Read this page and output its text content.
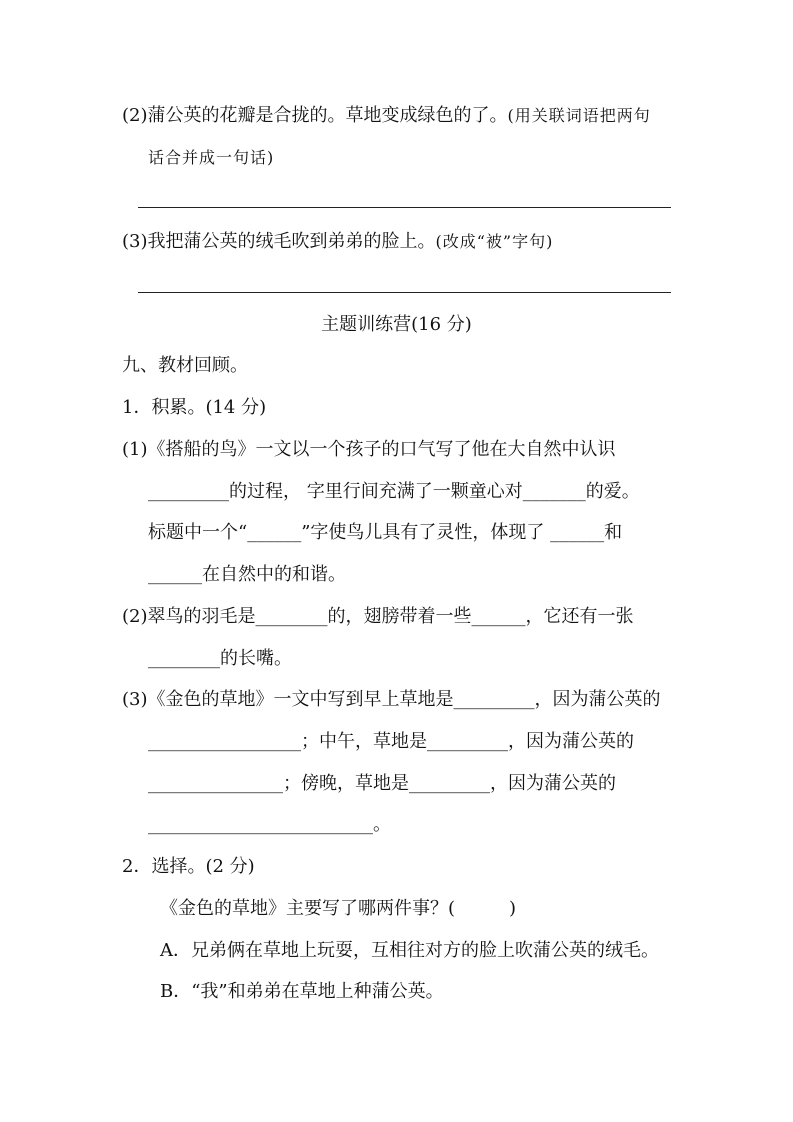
(2)蒲公英的花瓣是合拢的。草地变成绿色的了。(用关联词语把两句
话合并成一句话)
(3)我把蒲公英的绒毛吹到弟弟的脸上。(改成“被”字句)
主题训练营(16 分)
九、教材回顾。
1．积累。(14 分)
(1)《搭船的鸟》一文以一个孩子的口气写了他在大自然中认识
_________的过程， 字里行间充满了一颗童心对_______的爱。
标题中一个“______”字使鸟儿具有了灵性，体现了 ______和
______在自然中的和谐。
(2)翠鸟的羽毛是________的，翅膀带着一些______，它还有一张
________的长嘴。
(3)《金色的草地》一文中写到早上草地是_________，因为蒲公英的
_________________；中午，草地是_________，因为蒲公英的
_______________；傍晚，草地是_________，因为蒲公英的
_________________________。
2．选择。(2 分)
《金色的草地》主要写了哪两件事？(　　　)
A．兄弟俩在草地上玩耍，互相往对方的脸上吹蒲公英的绒毛。
B．“我”和弟弟在草地上种蒲公英。
